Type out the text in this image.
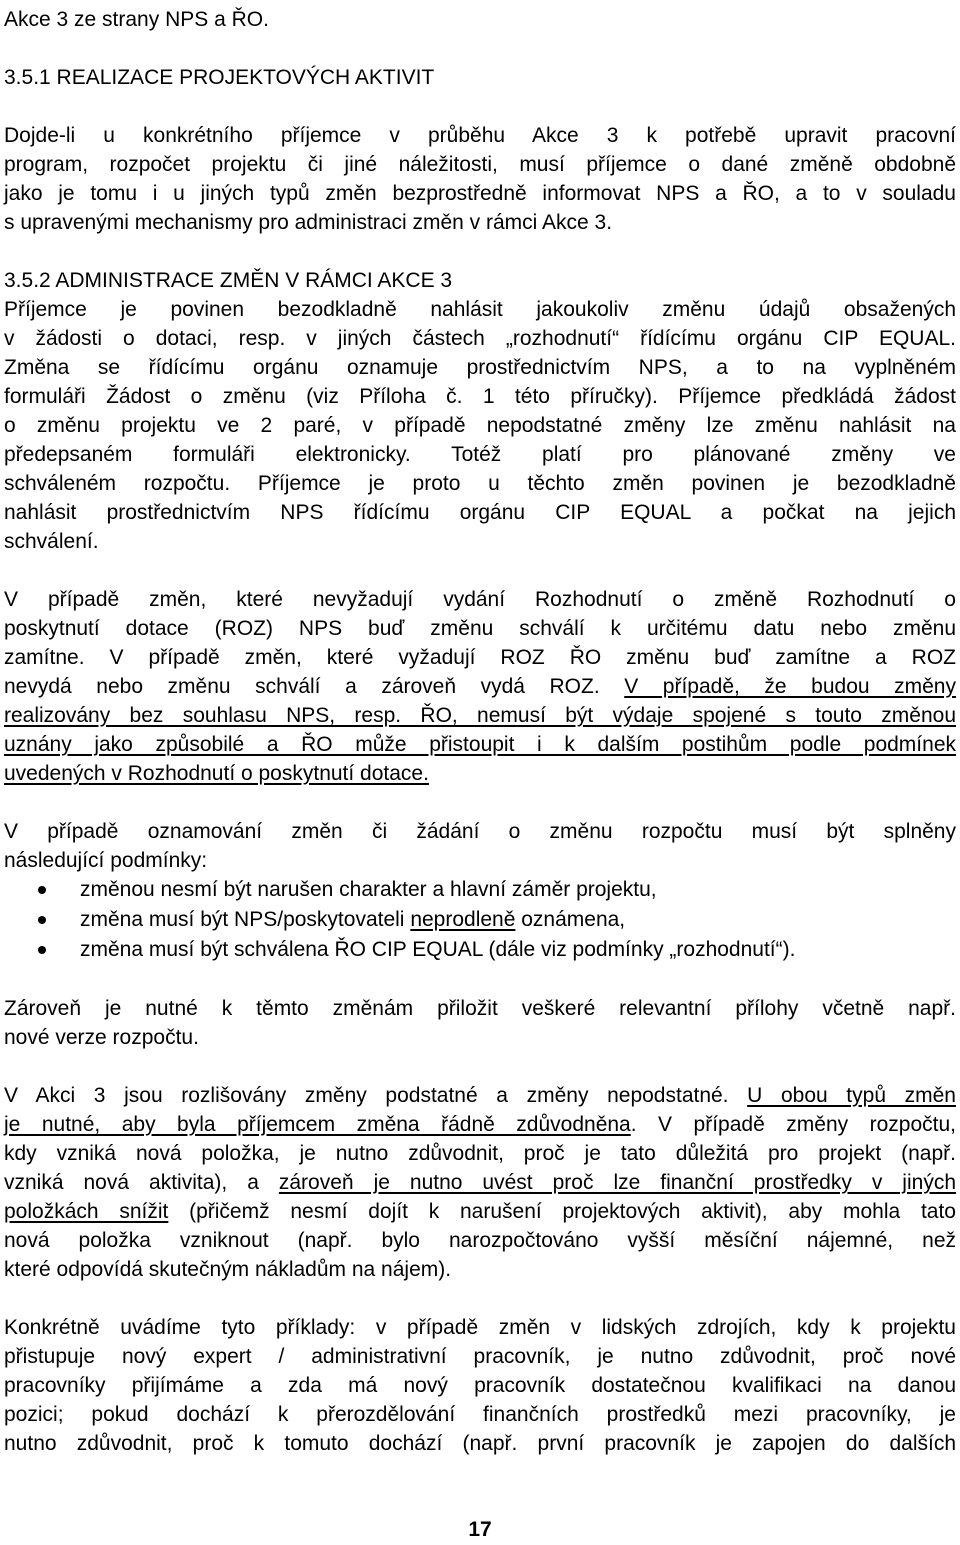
Akce 3 ze strany NPS a ŘO.
3.5.1 REALIZACE PROJEKTOVÝCH AKTIVIT
Dojde-li u konkrétního příjemce v průběhu Akce 3 k potřebě upravit pracovní
program, rozpočet projektu či jiné náležitosti, musí příjemce o dané změně obdobně
jako je tomu i u jiných typů změn bezprostředně informovat NPS a ŘO, a to v souladu
s upravenými mechanismy pro administraci změn v rámci Akce 3.
3.5.2 ADMINISTRACE ZMĚN V RÁMCI AKCE 3
Příjemce je povinen bezodkladně nahlásit jakoukoliv změnu údajů obsažených
v žádosti o dotaci, resp. v jiných částech „rozhodnutí“ řídícímu orgánu CIP EQUAL.
Změna se řídícímu orgánu oznamuje prostřednictvím NPS, a to na vyplněném
formuláři Žádost o změnu (viz Příloha č. 1 této příručky). Příjemce předkládá žádost
o změnu projektu ve 2 paré, v případě nepodstatné změny lze změnu nahlásit na
předepsaném formuláři elektronicky. Totéž platí pro plánované změny ve
schváleném rozpočtu. Příjemce je proto u těchto změn povinen je bezodkladně
nahlásit prostřednictvím NPS řídícímu orgánu CIP EQUAL a počkat na jejich
schválení.
V případě změn, které nevyžadují vydání Rozhodnutí o změně Rozhodnutí o
poskytnutí dotace (ROZ) NPS buď změnu schválí k určitému datu nebo změnu
zamítne. V případě změn, které vyžadují ROZ ŘO změnu buď zamítne a ROZ
nevydá nebo změnu schválí a zároveň vydá ROZ. V případě, že budou změny
realizovány bez souhlasu NPS, resp. ŘO, nemusí být výdaje spojené s touto změnou
uznány jako způsobilé a ŘO může přistoupit i k dalším postihům podle podmínek
uvedených v Rozhodnutí o poskytnutí dotace.
V případě oznamování změn či žádání o změnu rozpočtu musí být splněny
následující podmínky:
změnou nesmí být narušen charakter a hlavní záměr projektu,
změna musí být NPS/poskytovateli neprodleně oznámena,
změna musí být schválena ŘO CIP EQUAL (dále viz podmínky „rozhodnutí“).
Zároveň je nutné k těmto změnám přiložit veškeré relevantní přílohy včetně např.
nové verze rozpočtu.
V Akci 3 jsou rozlišovány změny podstatné a změny nepodstatné. U obou typů změn
je nutné, aby byla příjemcem změna řádně zdůvodněna. V případě změny rozpočtu,
kdy vzniká nová položka, je nutno zdůvodnit, proč je tato důležitá pro projekt (např.
vzniká nová aktivita), a zároveň je nutno uvést proč lze finanční prostředky v jiných
položkách snížit (přičemž nesmí dojít k narušení projektových aktivit), aby mohla tato
nová položka vzniknout (např. bylo narozpočtováno vyšší měsíční nájemné, než
které odpovídá skutečným nákladům na nájem).
Konkrétně uvádíme tyto příklady: v případě změn v lidských zdrojích, kdy k projektu
přistupuje nový expert / administrativní pracovník, je nutno zdůvodnit, proč nové
pracovníky přijímáme a zda má nový pracovník dostatečnou kvalifikaci na danou
pozici; pokud dochází k přerozdělování finančních prostředků mezi pracovníky, je
nutno zdůvodnit, proč k tomuto dochází (např. první pracovník je zapojen do dalších
17
